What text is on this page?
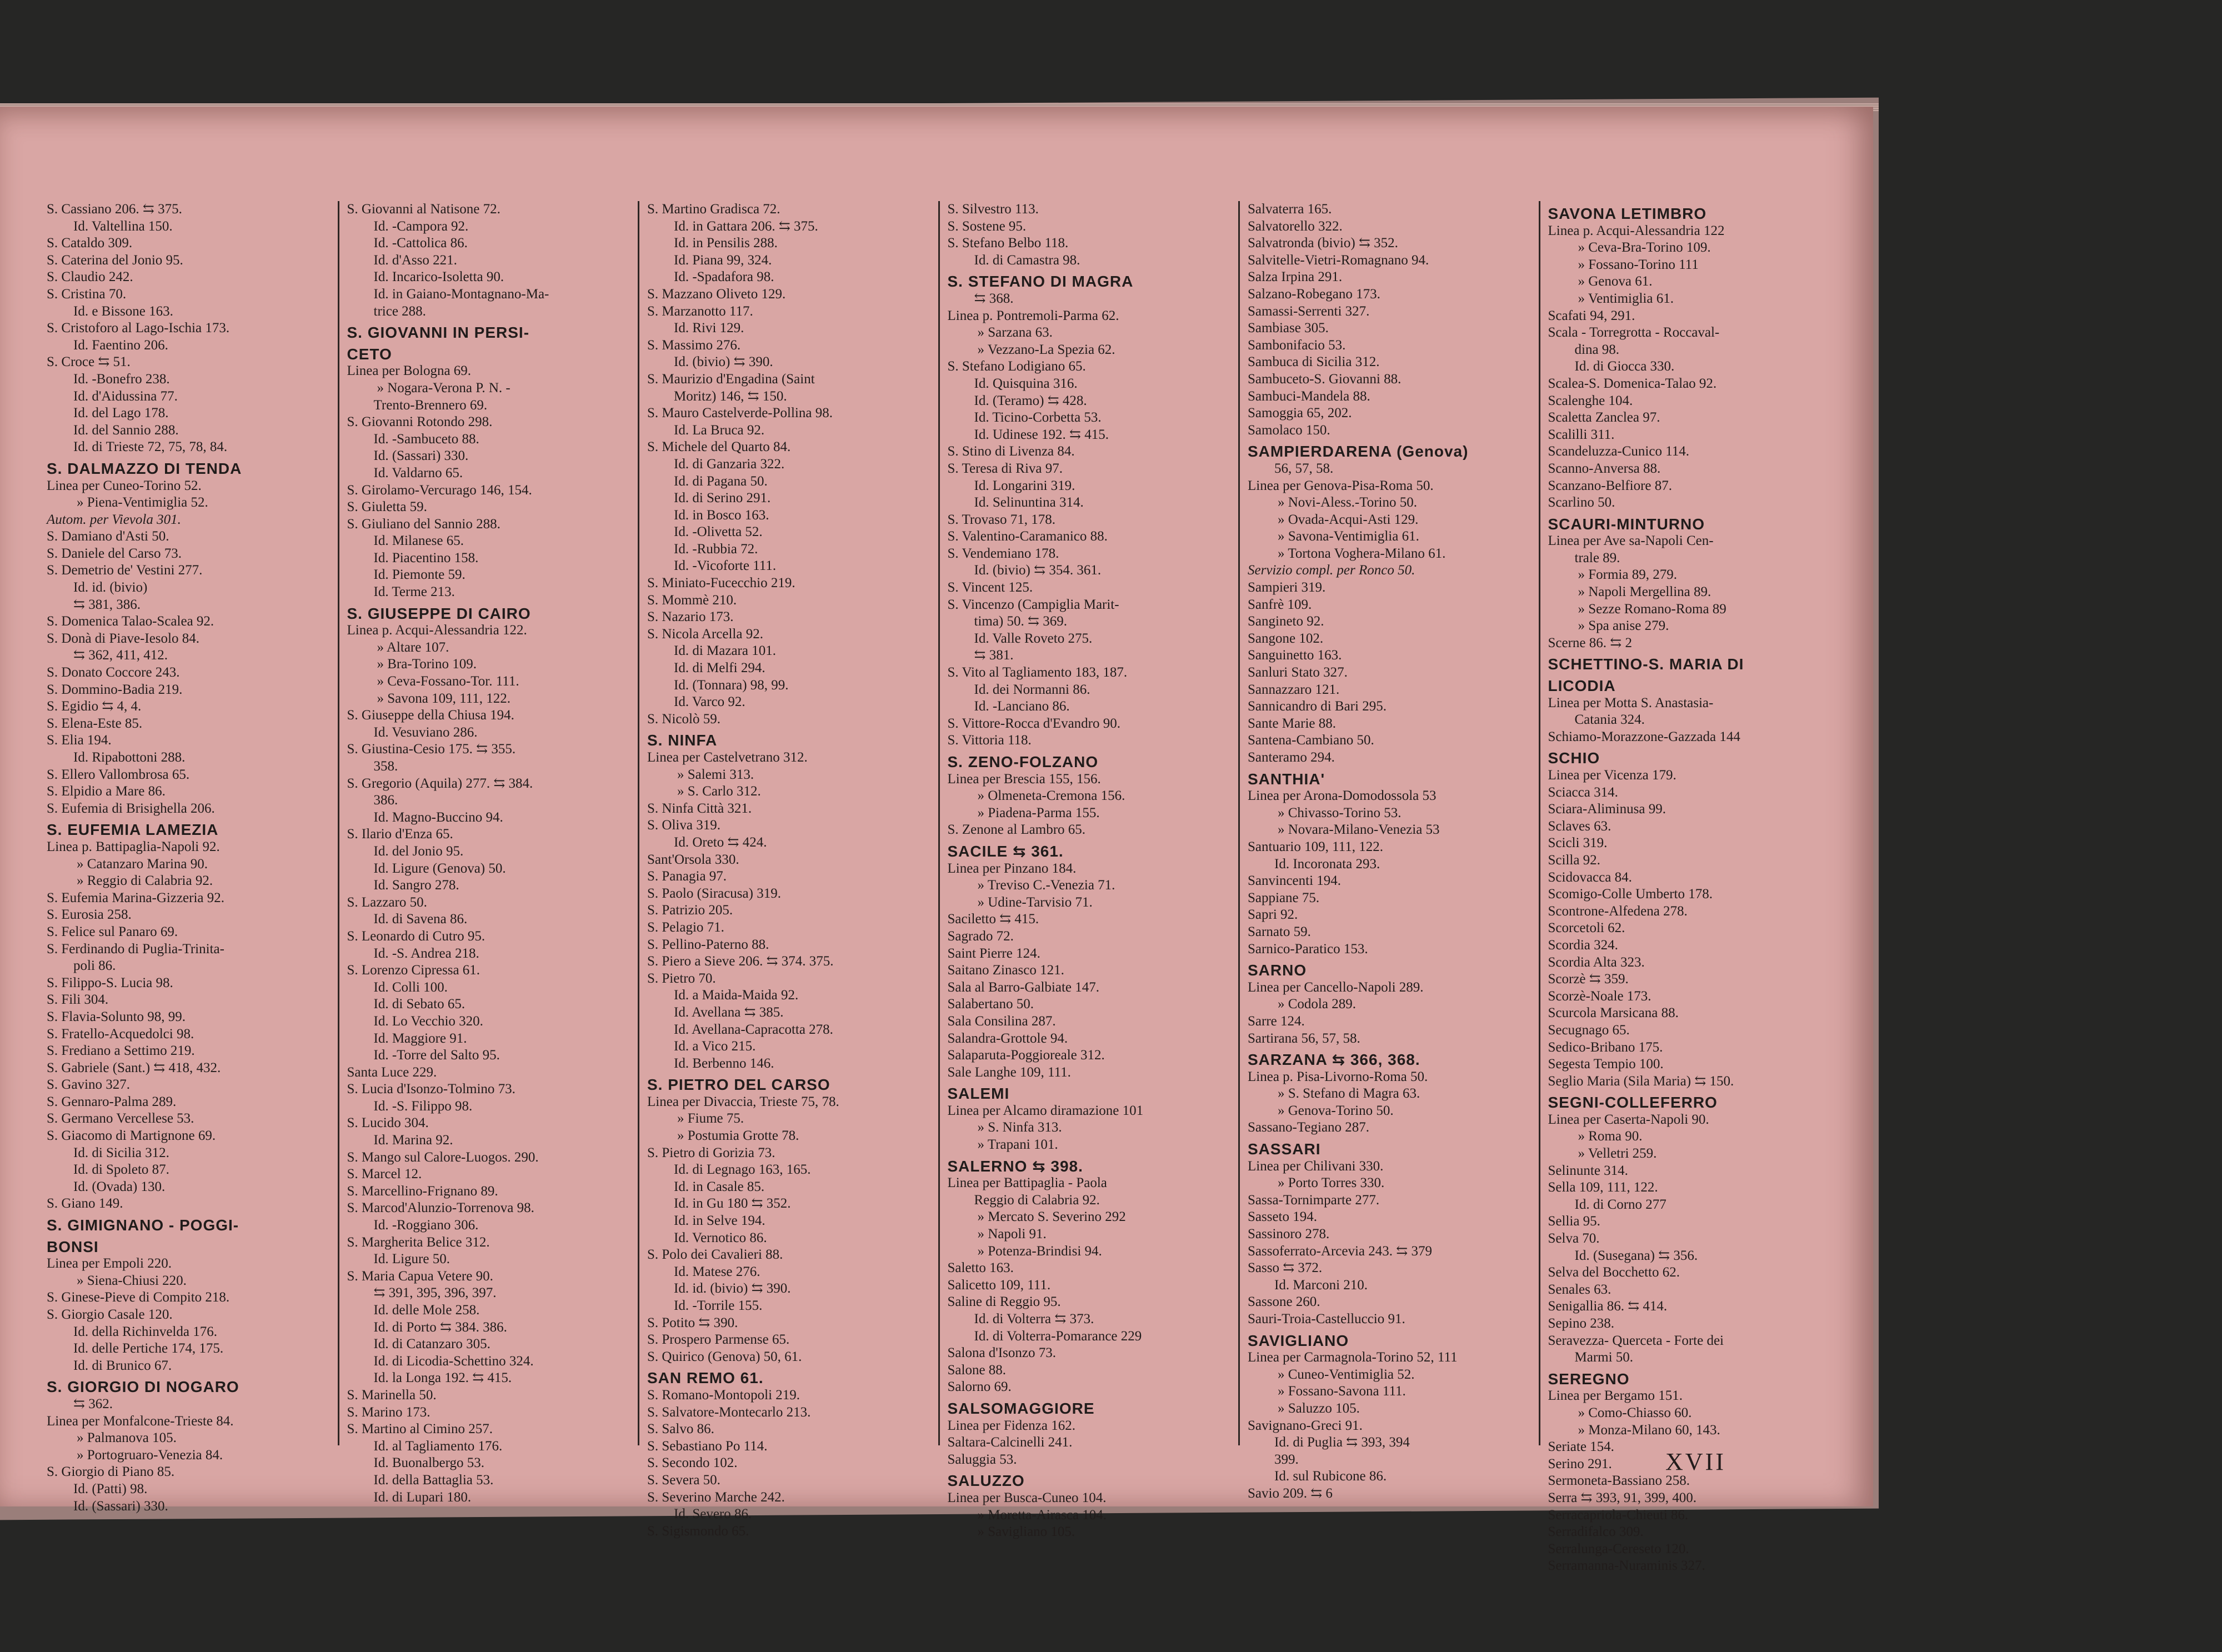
S. Cassiano 206. ⇆ 375.
Id. Valtellina 150.
S. Cataldo 309.
S. Caterina del Jonio 95.
S. Claudio 242.
S. Cristina 70.
Id. e Bissone 163.
S. Cristoforo al Lago-Ischia 173.
Id. Faentino 206.
S. Croce ⇆ 51.
Id. -Bonefro 238.
Id. d'Aidussina 77.
Id. del Lago 178.
Id. del Sannio 288.
Id. di Trieste 72, 75, 78, 84.
S. DALMAZZO DI TENDA
Linea per Cuneo-Torino 52.
» Piena-Ventimiglia 52.
Autom. per Vievola 301.
S. Damiano d'Asti 50.
S. Daniele del Carso 73.
S. Demetrio de' Vestini 277.
Id. id. (bivio)
⇆ 381, 386.
S. Domenica Talao-Scalea 92.
S. Donà di Piave-Iesolo 84.
⇆ 362, 411, 412.
S. Donato Coccore 243.
S. Dommino-Badia 219.
S. Egidio ⇆ 4, 4.
S. Elena-Este 85.
S. Elia 194.
Id. Ripabottoni 288.
S. Ellero Vallombrosa 65.
S. Elpidio a Mare 86.
S. Eufemia di Brisighella 206.
S. EUFEMIA LAMEZIA
Linea p. Battipaglia-Napoli 92.
» Catanzaro Marina 90.
» Reggio di Calabria 92.
S. Eufemia Marina-Gizzeria 92.
S. Eurosia 258.
S. Felice sul Panaro 69.
S. Ferdinando di Puglia-Trinita-
poli 86.
S. Filippo-S. Lucia 98.
S. Fili 304.
S. Flavia-Solunto 98, 99.
S. Fratello-Acquedolci 98.
S. Frediano a Settimo 219.
S. Gabriele (Sant.) ⇆ 418, 432.
S. Gavino 327.
S. Gennaro-Palma 289.
S. Germano Vercellese 53.
S. Giacomo di Martignone 69.
Id. di Sicilia 312.
Id. di Spoleto 87.
Id. (Ovada) 130.
S. Giano 149.
S. GIMIGNANO - POGGI-
BONSI
Linea per Empoli 220.
» Siena-Chiusi 220.
S. Ginese-Pieve di Compito 218.
S. Giorgio Casale 120.
Id. della Richinvelda 176.
Id. delle Pertiche 174, 175.
Id. di Brunico 67.
S. GIORGIO DI NOGARO
⇆ 362.
Linea per Monfalcone-Trieste 84.
» Palmanova 105.
» Portogruaro-Venezia 84.
S. Giorgio di Piano 85.
Id. (Patti) 98.
Id. (Sassari) 330.
S. Giovanni al Natisone 72.
Id. -Campora 92.
Id. -Cattolica 86.
Id. d'Asso 221.
Id. Incarico-Isoletta 90.
Id. in Gaiano-Montagnano-Ma-
trice 288.
S. GIOVANNI IN PERSI-
CETO
Linea per Bologna 69.
» Nogara-Verona P. N. -
Trento-Brennero 69.
S. Giovanni Rotondo 298.
Id. -Sambuceto 88.
Id. (Sassari) 330.
Id. Valdarno 65.
S. Girolamo-Vercurago 146, 154.
S. Giuletta 59.
S. Giuliano del Sannio 288.
Id. Milanese 65.
Id. Piacentino 158.
Id. Piemonte 59.
Id. Terme 213.
S. GIUSEPPE DI CAIRO
Linea p. Acqui-Alessandria 122.
» Altare 107.
» Bra-Torino 109.
» Ceva-Fossano-Tor. 111.
» Savona 109, 111, 122.
S. Giuseppe della Chiusa 194.
Id. Vesuviano 286.
S. Giustina-Cesio 175. ⇆ 355.
358.
S. Gregorio (Aquila) 277. ⇆ 384.
386.
Id. Magno-Buccino 94.
S. Ilario d'Enza 65.
Id. del Jonio 95.
Id. Ligure (Genova) 50.
Id. Sangro 278.
S. Lazzaro 50.
Id. di Savena 86.
S. Leonardo di Cutro 95.
Id. -S. Andrea 218.
S. Lorenzo Cipressa 61.
Id. Colli 100.
Id. di Sebato 65.
Id. Lo Vecchio 320.
Id. Maggiore 91.
Id. -Torre del Salto 95.
Santa Luce 229.
S. Lucia d'Isonzo-Tolmino 73.
Id. -S. Filippo 98.
S. Lucido 304.
Id. Marina 92.
S. Mango sul Calore-Luogos. 290.
S. Marcel 12.
S. Marcellino-Frignano 89.
S. Marcod'Alunzio-Torrenova 98.
Id. -Roggiano 306.
S. Margherita Belice 312.
Id. Ligure 50.
S. Maria Capua Vetere 90.
⇆ 391, 395, 396, 397.
Id. delle Mole 258.
Id. di Porto ⇆ 384. 386.
Id. di Catanzaro 305.
Id. di Licodia-Schettino 324.
Id. la Longa 192. ⇆ 415.
S. Marinella 50.
S. Marino 173.
S. Martino al Cimino 257.
Id. al Tagliamento 176.
Id. Buonalbergo 53.
Id. della Battaglia 53.
Id. di Lupari 180.
S. Martino Gradisca 72.
Id. in Gattara 206. ⇆ 375.
Id. in Pensilis 288.
Id. Piana 99, 324.
Id. -Spadafora 98.
S. Mazzano Oliveto 129.
S. Marzanotto 117.
Id. Rivi 129.
S. Massimo 276.
Id. (bivio) ⇆ 390.
S. Maurizio d'Engadina (Saint
Moritz) 146, ⇆ 150.
S. Mauro Castelverde-Pollina 98.
Id. La Bruca 92.
S. Michele del Quarto 84.
Id. di Ganzaria 322.
Id. di Pagana 50.
Id. di Serino 291.
Id. in Bosco 163.
Id. -Olivetta 52.
Id. -Rubbia 72.
Id. -Vicoforte 111.
S. Miniato-Fucecchio 219.
S. Mommè 210.
S. Nazario 173.
S. Nicola Arcella 92.
Id. di Mazara 101.
Id. di Melfi 294.
Id. (Tonnara) 98, 99.
Id. Varco 92.
S. Nicolò 59.
S. NINFA
Linea per Castelvetrano 312.
» Salemi 313.
» S. Carlo 312.
S. Ninfa Città 321.
S. Oliva 319.
Id. Oreto ⇆ 424.
Sant'Orsola 330.
S. Panagia 97.
S. Paolo (Siracusa) 319.
S. Patrizio 205.
S. Pelagio 71.
S. Pellino-Paterno 88.
S. Piero a Sieve 206. ⇆ 374. 375.
S. Pietro 70.
Id. a Maida-Maida 92.
Id. Avellana ⇆ 385.
Id. Avellana-Capracotta 278.
Id. a Vico 215.
Id. Berbenno 146.
S. PIETRO DEL CARSO
Linea per Divaccia, Trieste 75, 78.
» Fiume 75.
» Postumia Grotte 78.
S. Pietro di Gorizia 73.
Id. di Legnago 163, 165.
Id. in Casale 85.
Id. in Gu 180 ⇆ 352.
Id. in Selve 194.
Id. Vernotico 86.
S. Polo dei Cavalieri 88.
Id. Matese 276.
Id. id. (bivio) ⇆ 390.
Id. -Torrile 155.
S. Potito ⇆ 390.
S. Prospero Parmense 65.
S. Quirico (Genova) 50, 61.
SAN REMO 61.
S. Romano-Montopoli 219.
S. Salvatore-Montecarlo 213.
S. Salvo 86.
S. Sebastiano Po 114.
S. Secondo 102.
S. Severa 50.
S. Severino Marche 242.
Id. Severo 86.
S. Sigismondo 65.
S. Silvestro 113.
S. Sostene 95.
S. Stefano Belbo 118.
Id. di Camastra 98.
S. STEFANO DI MAGRA
⇆ 368.
Linea p. Pontremoli-Parma 62.
» Sarzana 63.
» Vezzano-La Spezia 62.
S. Stefano Lodigiano 65.
Id. Quisquina 316.
Id. (Teramo) ⇆ 428.
Id. Ticino-Corbetta 53.
Id. Udinese 192. ⇆ 415.
S. Stino di Livenza 84.
S. Teresa di Riva 97.
Id. Longarini 319.
Id. Selinuntina 314.
S. Trovaso 71, 178.
S. Valentino-Caramanico 88.
S. Vendemiano 178.
Id. (bivio) ⇆ 354. 361.
S. Vincent 125.
S. Vincenzo (Campiglia Marit-
tima) 50. ⇆ 369.
Id. Valle Roveto 275.
⇆ 381.
S. Vito al Tagliamento 183, 187.
Id. dei Normanni 86.
Id. -Lanciano 86.
S. Vittore-Rocca d'Evandro 90.
S. Vittoria 118.
S. ZENO-FOLZANO
Linea per Brescia 155, 156.
» Olmeneta-Cremona 156.
» Piadena-Parma 155.
S. Zenone al Lambro 65.
SACILE ⇆ 361.
Linea per Pinzano 184.
» Treviso C.-Venezia 71.
» Udine-Tarvisio 71.
Saciletto ⇆ 415.
Sagrado 72.
Saint Pierre 124.
Saitano Zinasco 121.
Sala al Barro-Galbiate 147.
Salabertano 50.
Sala Consilina 287.
Salandra-Grottole 94.
Salaparuta-Poggioreale 312.
Sale Langhe 109, 111.
SALEMI
Linea per Alcamo diramazione 101
» S. Ninfa 313.
» Trapani 101.
SALERNO ⇆ 398.
Linea per Battipaglia - Paola
Reggio di Calabria 92.
» Mercato S. Severino 292
» Napoli 91.
» Potenza-Brindisi 94.
Saletto 163.
Salicetto 109, 111.
Saline di Reggio 95.
Id. di Volterra ⇆ 373.
Id. di Volterra-Pomarance 229
Salona d'Isonzo 73.
Salone 88.
Salorno 69.
SALSOMAGGIORE
Linea per Fidenza 162.
Saltara-Calcinelli 241.
Saluggia 53.
SALUZZO
Linea per Busca-Cuneo 104.
» Moretta-Airasca 104.
» Savigliano 105.
Salvaterra 165.
Salvatorello 322.
Salvatronda (bivio) ⇆ 352.
Salvitelle-Vietri-Romagnano 94.
Salza Irpina 291.
Salzano-Robegano 173.
Samassi-Serrenti 327.
Sambiase 305.
Sambonifacio 53.
Sambuca di Sicilia 312.
Sambuceto-S. Giovanni 88.
Sambuci-Mandela 88.
Samoggia 65, 202.
Samolaco 150.
SAMPIERDARENA (Genova)
56, 57, 58.
Linea per Genova-Pisa-Roma 50.
» Novi-Aless.-Torino 50.
» Ovada-Acqui-Asti 129.
» Savona-Ventimiglia 61.
» Tortona Voghera-Milano 61.
Servizio compl. per Ronco 50.
Sampieri 319.
Sanfrè 109.
Sangineto 92.
Sangone 102.
Sanguinetto 163.
Sanluri Stato 327.
Sannazzaro 121.
Sannicandro di Bari 295.
Sante Marie 88.
Santena-Cambiano 50.
Santeramo 294.
SANTHIA'
Linea per Arona-Domodossola 53
» Chivasso-Torino 53.
» Novara-Milano-Venezia 53
Santuario 109, 111, 122.
Id. Incoronata 293.
Sanvincenti 194.
Sappiane 75.
Sapri 92.
Sarnato 59.
Sarnico-Paratico 153.
SARNO
Linea per Cancello-Napoli 289.
» Codola 289.
Sarre 124.
Sartirana 56, 57, 58.
SARZANA ⇆ 366, 368.
Linea p. Pisa-Livorno-Roma 50.
» S. Stefano di Magra 63.
» Genova-Torino 50.
Sassano-Tegiano 287.
SASSARI
Linea per Chilivani 330.
» Porto Torres 330.
Sassa-Tornimparte 277.
Sasseto 194.
Sassinoro 278.
Sassoferrato-Arcevia 243. ⇆ 379
Sasso ⇆ 372.
Id. Marconi 210.
Sassone 260.
Sauri-Troia-Castelluccio 91.
SAVIGLIANO
Linea per Carmagnola-Torino 52, 111
» Cuneo-Ventimiglia 52.
» Fossano-Savona 111.
» Saluzzo 105.
Savignano-Greci 91.
Id. di Puglia ⇆ 393, 394
399.
Id. sul Rubicone 86.
Savio 209. ⇆ 6
SAVONA LETIMBRO
Linea p. Acqui-Alessandria 122
» Ceva-Bra-Torino 109.
» Fossano-Torino 111
» Genova 61.
» Ventimiglia 61.
Scafati 94, 291.
Scala - Torregrotta - Roccaval-
dina 98.
Id. di Giocca 330.
Scalea-S. Domenica-Talao 92.
Scalenghe 104.
Scaletta Zanclea 97.
Scalilli 311.
Scandeluzza-Cunico 114.
Scanno-Anversa 88.
Scanzano-Belfiore 87.
Scarlino 50.
SCAURI-MINTURNO
Linea per Ave sa-Napoli Cen-
trale 89.
» Formia 89, 279.
» Napoli Mergellina 89.
» Sezze Romano-Roma 89
» Spa anise 279.
Scerne 86. ⇆ 2
SCHETTINO-S. MARIA DI
LICODIA
Linea per Motta S. Anastasia-
Catania 324.
Schiamo-Morazzone-Gazzada 144
SCHIO
Linea per Vicenza 179.
Sciacca 314.
Sciara-Aliminusa 99.
Sclaves 63.
Scicli 319.
Scilla 92.
Scidovacca 84.
Scomigo-Colle Umberto 178.
Scontrone-Alfedena 278.
Scorcetoli 62.
Scordia 324.
Scordia Alta 323.
Scorzè ⇆ 359.
Scorzè-Noale 173.
Scurcola Marsicana 88.
Secugnago 65.
Sedico-Bribano 175.
Segesta Tempio 100.
Seglio Maria (Sila Maria) ⇆ 150.
SEGNI-COLLEFERRO
Linea per Caserta-Napoli 90.
» Roma 90.
» Velletri 259.
Selinunte 314.
Sella 109, 111, 122.
Id. di Corno 277
Sellia 95.
Selva 70.
Id. (Susegana) ⇆ 356.
Selva del Bocchetto 62.
Senales 63.
Senigallia 86. ⇆ 414.
Sepino 238.
Seravezza- Querceta - Forte dei
Marmi 50.
SEREGNO
Linea per Bergamo 151.
» Como-Chiasso 60.
» Monza-Milano 60, 143.
Seriate 154.
Serino 291.
Sermoneta-Bassiano 258.
Serra ⇆ 393, 91, 399, 400.
Serracapriola-Chieuti 86.
Serradifalco 309.
Serralunga-Cereseto 120.
Serramanna-Nuraminis 327.
XVII
